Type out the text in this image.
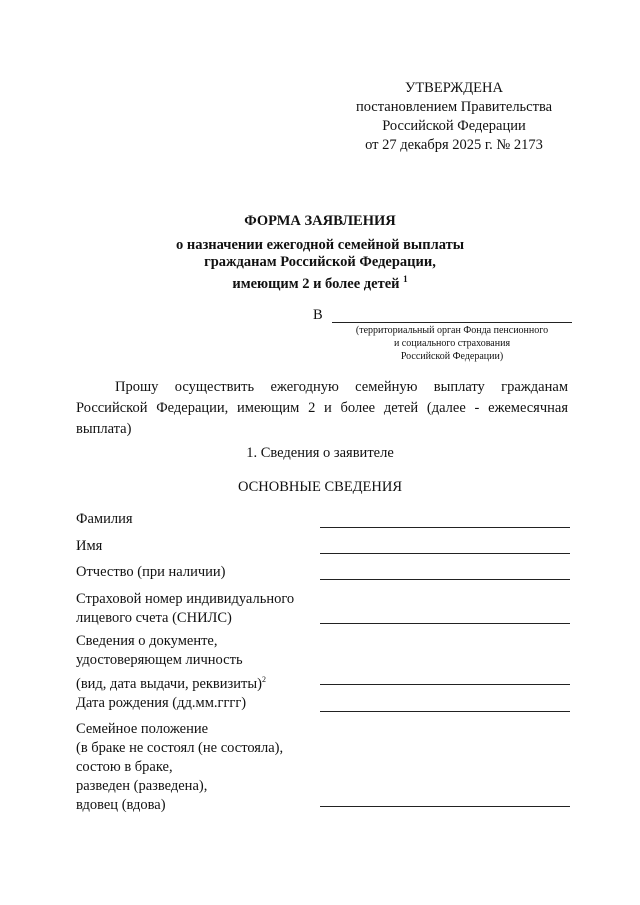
УТВЕРЖДЕНА
постановлением Правительства
Российской Федерации
от 27 декабря 2025 г. № 2173
ФОРМА ЗАЯВЛЕНИЯ
о назначении ежегодной семейной выплаты
гражданам Российской Федерации,
имеющим 2 и более детей $^1$
В
(территориальный орган Фонда пенсионного
и социального страхования
Российской Федерации)
Прошу осуществить ежегодную семейную выплату гражданам Российской Федерации, имеющим 2 и более детей (далее - ежемесячная выплата)
1. Сведения о заявителе
ОСНОВНЫЕ СВЕДЕНИЯ
Фамилия
Имя
Отчество (при наличии)
Страховой номер индивидуального
лицевого счета (СНИЛС)
Сведения о документе,
удостоверяющем личность
(вид, дата выдачи, реквизиты)$^2$
Дата рождения (дд.мм.гггг)
Семейное положение
(в браке не состоял (не состояла),
состою в браке,
разведен (разведена),
вдовец (вдова)
